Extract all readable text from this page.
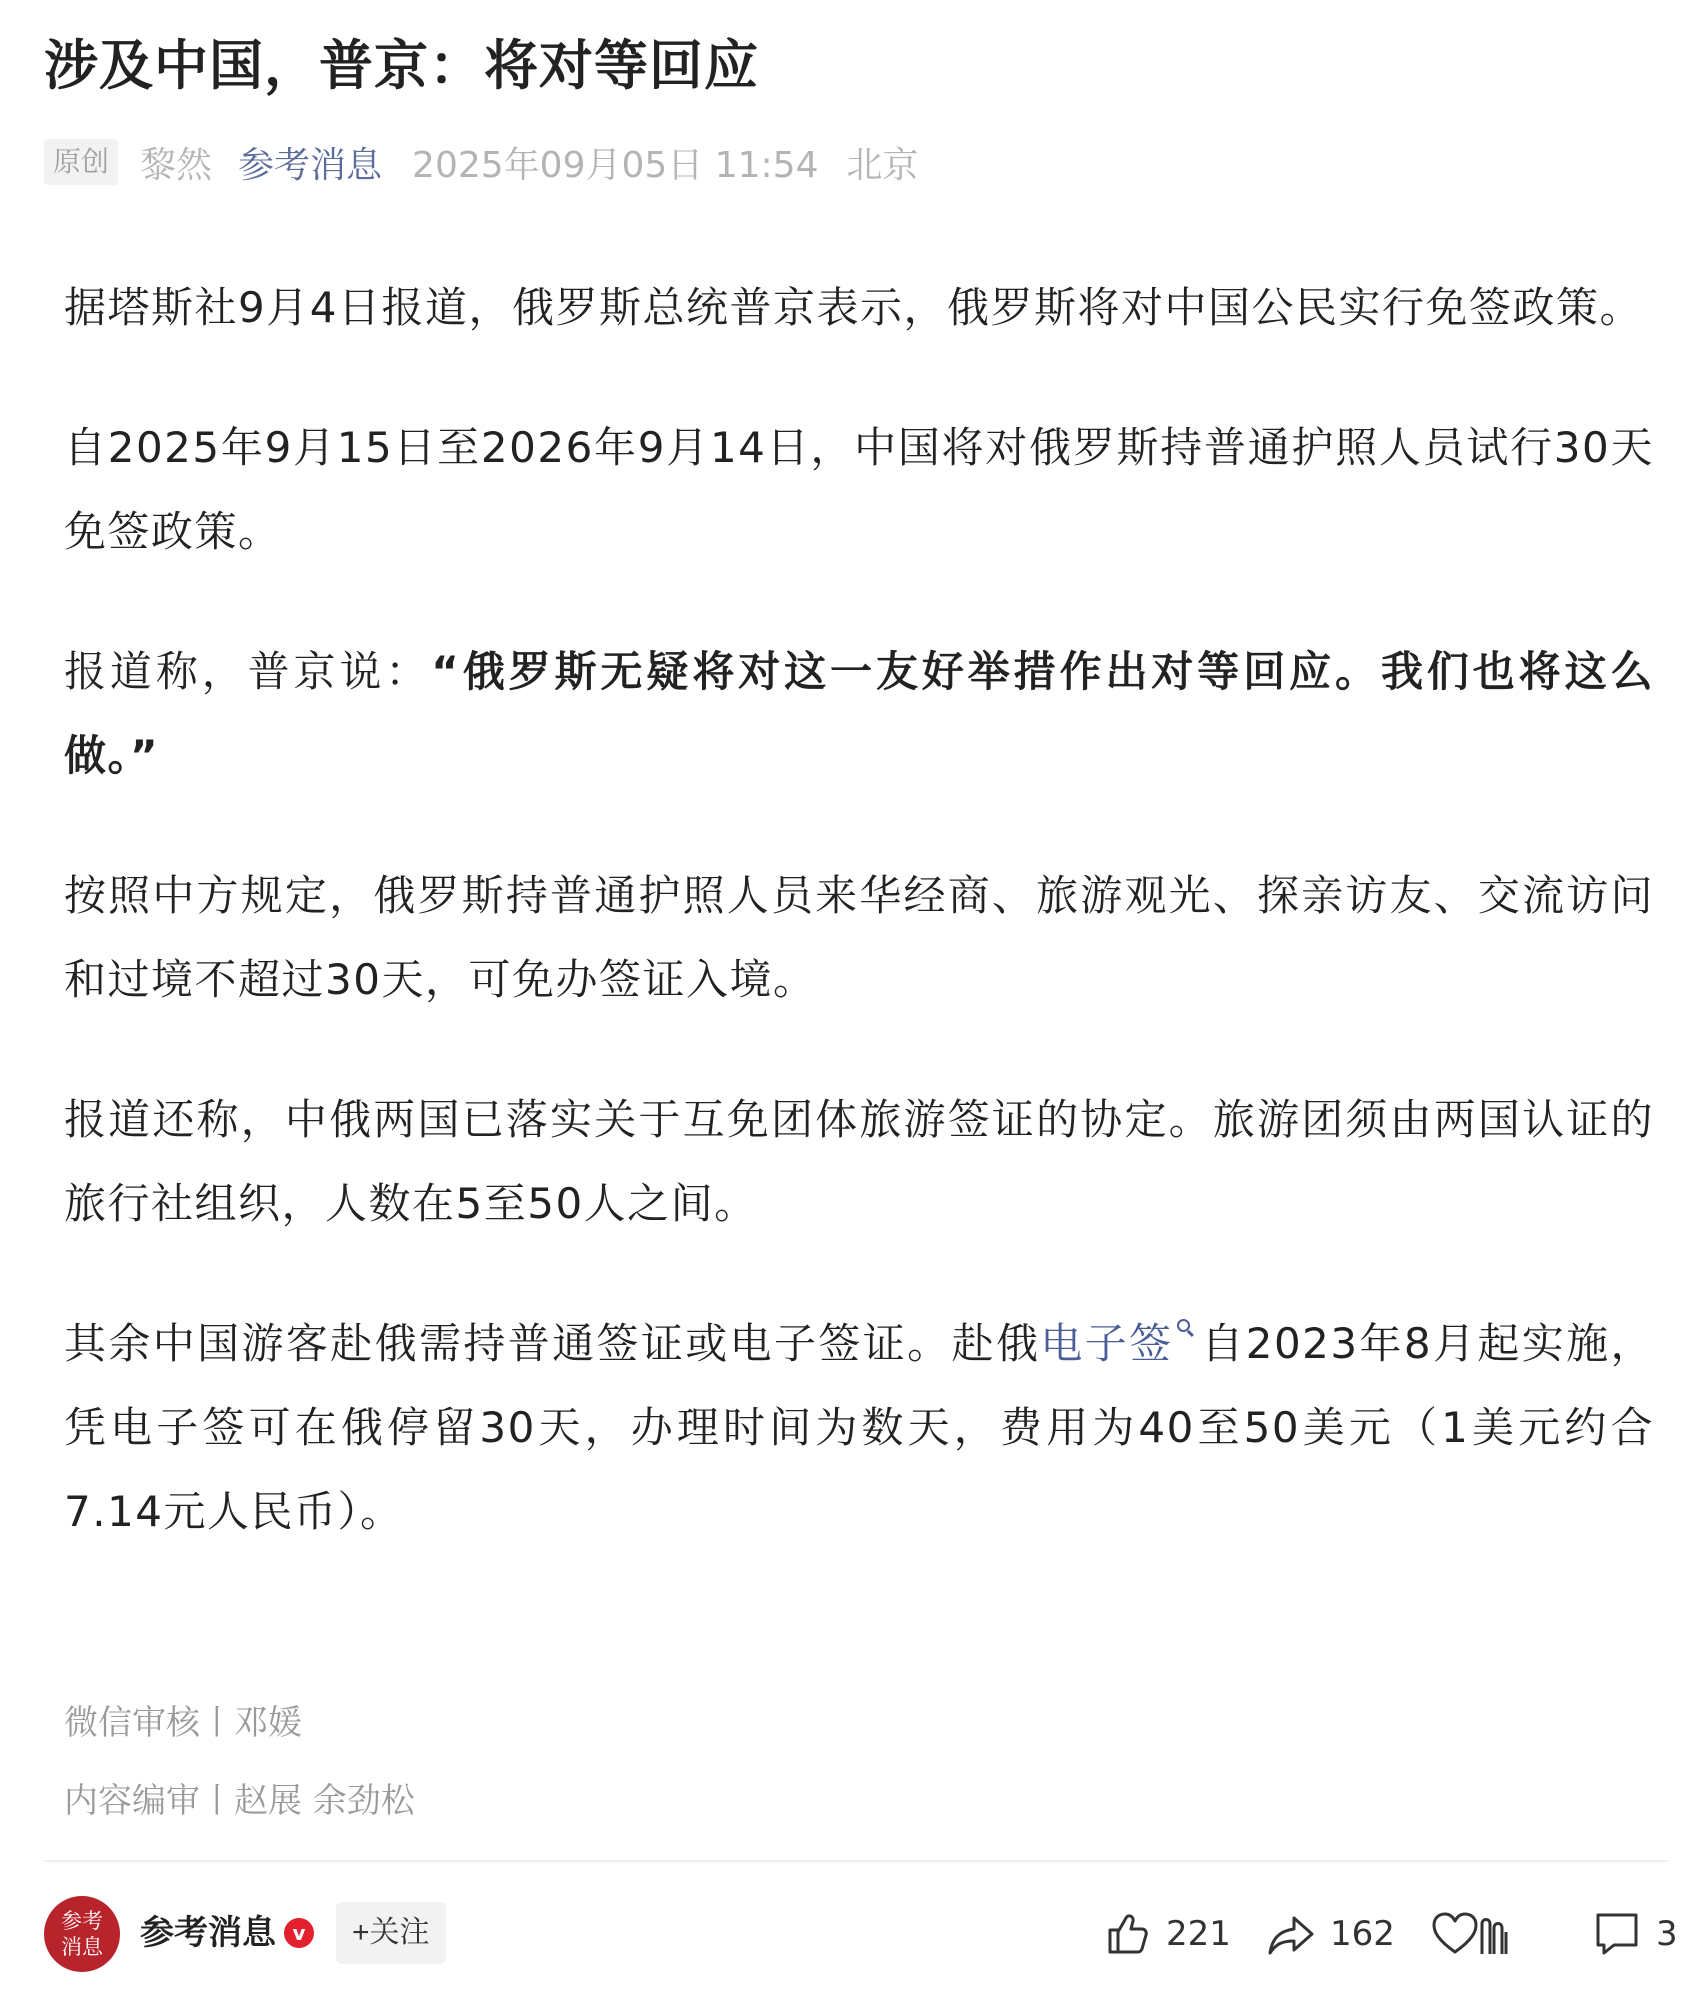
涉及中国，普京：将对等回应
原创 黎然 参考消息 2025年09月05日 11:54 北京

据塔斯社9月4日报道，俄罗斯总统普京表示，俄罗斯将对中国公民实行免签政策。

自2025年9月15日至2026年9月14日，中国将对俄罗斯持普通护照人员试行30天免签政策。

报道称，普京说：“俄罗斯无疑将对这一友好举措作出对等回应。我们也将这么做。”

按照中方规定，俄罗斯持普通护照人员来华经商、旅游观光、探亲访友、交流访问和过境不超过30天，可免办签证入境。

报道还称，中俄两国已落实关于互免团体旅游签证的协定。旅游团须由两国认证的旅行社组织，人数在5至50人之间。

其余中国游客赴俄需持普通签证或电子签证。赴俄电子签 自2023年8月起实施，凭电子签可在俄停留30天，办理时间为数天，费用为40至50美元（1美元约合7.14元人民币）。

微信审核丨邓媛
内容编审丨赵展 余劲松
参考消息 参考消息 v	+关注	221	162	3
